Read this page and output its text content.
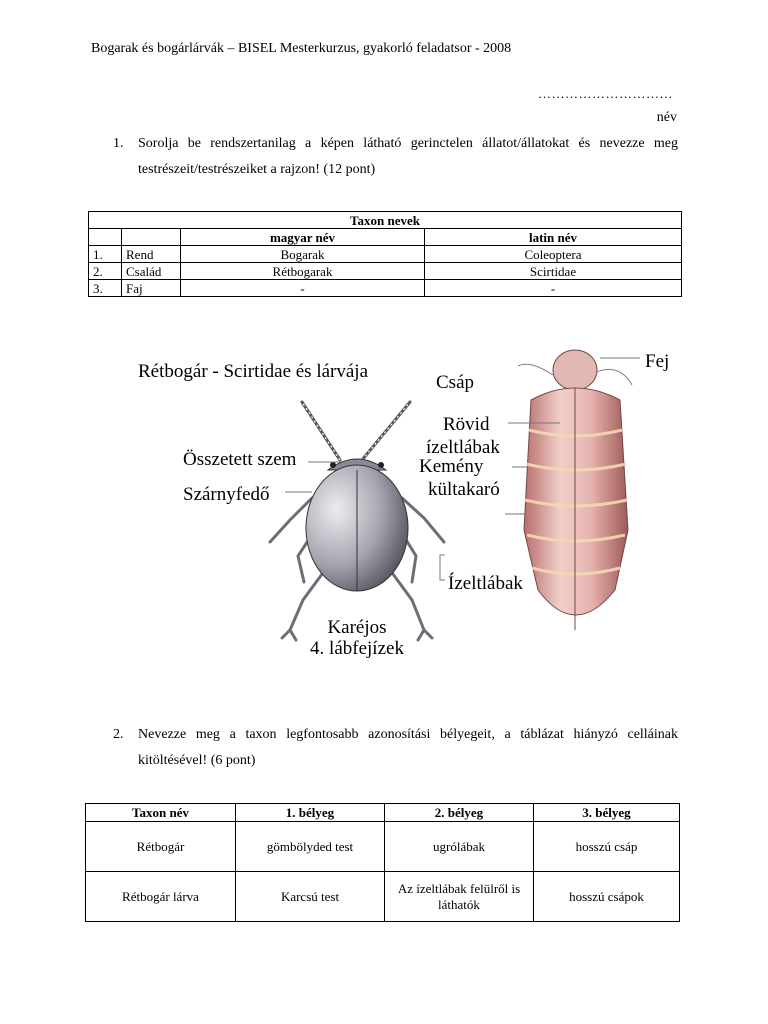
Bogarak és bogárlárvák – BISEL Mesterkurzus, gyakorló feladatsor - 2008
…………………………
név
1. Sorolja be rendszertanilag a képen látható gerinctelen állatot/állatokat és nevezze meg testrészeit/testrészeiket a rajzon! (12 pont)
Taxon nevek			
		magyar név	latin név
1.	Rend	Bogarak	Coleoptera
2.	Család	Rétbogarak	Scirtidae
3.	Faj	-	-
Rétbogár - Scirtidae és lárvája
Összetett szem
Szárnyfedő
Karéjos
4. lábfejízek
Csáp
Rövid
ízeltlábak
Kemény
kültakaró
Ízeltlábak
Fej
2. Nevezze meg a taxon legfontosabb azonosítási bélyegeit, a táblázat hiányzó celláinak kitöltésével! (6 pont)
Taxon név	1. bélyeg	2. bélyeg	3. bélyeg
Rétbogár	gömbölyded test	ugrólábak	hosszú csáp
Rétbogár lárva	Karcsú test	Az ízeltlábak felülről is láthatók	hosszú csápok
